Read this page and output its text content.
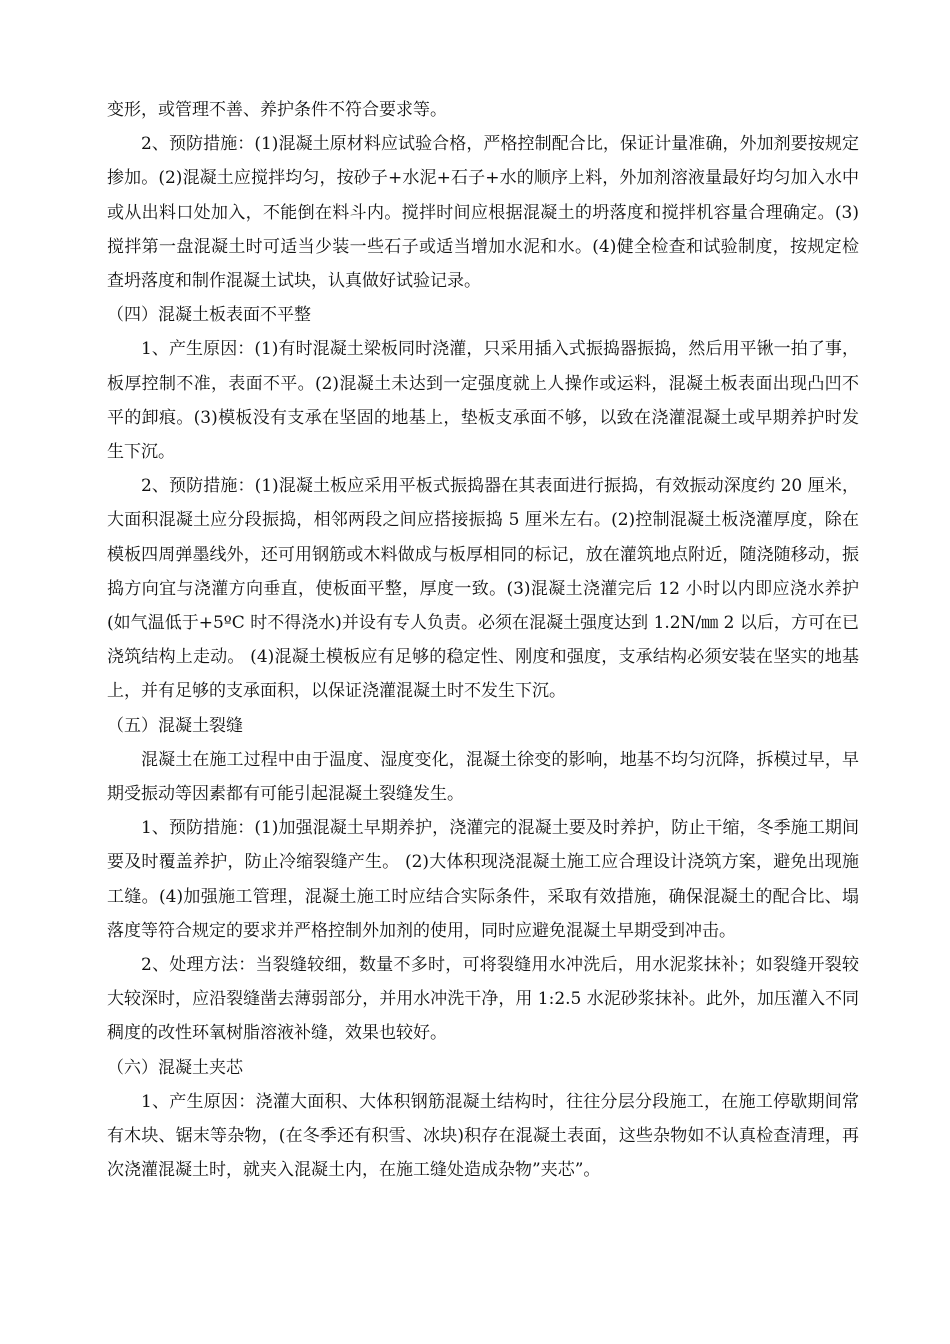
变形，或管理不善、养护条件不符合要求等。

2、预防措施：(1)混凝土原材料应试验合格，严格控制配合比，保证计量准确，外加剂要按规定掺加。(2)混凝土应搅拌均匀，按砂子+水泥+石子+水的顺序上料，外加剂溶液量最好均匀加入水中或从出料口处加入，不能倒在料斗内。搅拌时间应根据混凝土的坍落度和搅拌机容量合理确定。(3)搅拌第一盘混凝土时可适当少装一些石子或适当增加水泥和水。(4)健全检查和试验制度，按规定检查坍落度和制作混凝土试块，认真做好试验记录。

（四）混凝土板表面不平整

1、产生原因：(1)有时混凝土梁板同时浇灌，只采用插入式振捣器振捣，然后用平锹一拍了事，板厚控制不准，表面不平。(2)混凝土未达到一定强度就上人操作或运料，混凝土板表面出现凸凹不平的卸痕。(3)模板没有支承在坚固的地基上，垫板支承面不够，以致在浇灌混凝土或早期养护时发生下沉。

2、预防措施：(1)混凝土板应采用平板式振捣器在其表面进行振捣，有效振动深度约 20 厘米，大面积混凝土应分段振捣，相邻两段之间应搭接振捣 5 厘米左右。(2)控制混凝土板浇灌厚度，除在模板四周弹墨线外，还可用钢筋或木料做成与板厚相同的标记，放在灌筑地点附近，随浇随移动，振捣方向宜与浇灌方向垂直，使板面平整，厚度一致。(3)混凝土浇灌完后 12 小时以内即应浇水养护 (如气温低于+5ºC 时不得浇水)并设有专人负责。必须在混凝土强度达到 1.2N/㎜ 2 以后，方可在已浇筑结构上走动。 (4)混凝土模板应有足够的稳定性、刚度和强度，支承结构必须安装在坚实的地基上，并有足够的支承面积，以保证浇灌混凝土时不发生下沉。

（五）混凝土裂缝

混凝土在施工过程中由于温度、湿度变化，混凝土徐变的影响，地基不均匀沉降，拆模过早，早期受振动等因素都有可能引起混凝土裂缝发生。

1、预防措施：(1)加强混凝土早期养护，浇灌完的混凝土要及时养护，防止干缩，冬季施工期间要及时覆盖养护，防止冷缩裂缝产生。 (2)大体积现浇混凝土施工应合理设计浇筑方案，避免出现施工缝。(4)加强施工管理，混凝土施工时应结合实际条件，采取有效措施，确保混凝土的配合比、塌落度等符合规定的要求并严格控制外加剂的使用，同时应避免混凝土早期受到冲击。

2、处理方法：当裂缝较细，数量不多时，可将裂缝用水冲洗后，用水泥浆抹补；如裂缝开裂较大较深时，应沿裂缝凿去薄弱部分，并用水冲洗干净，用 1:2.5 水泥砂浆抹补。此外，加压灌入不同稠度的改性环氧树脂溶液补缝，效果也较好。

（六）混凝土夹芯

1、产生原因：浇灌大面积、大体积钢筋混凝土结构时，往往分层分段施工，在施工停歇期间常有木块、锯末等杂物，(在冬季还有积雪、冰块)积存在混凝土表面，这些杂物如不认真检查清理，再次浇灌混凝土时，就夹入混凝土内，在施工缝处造成杂物”夹芯”。
